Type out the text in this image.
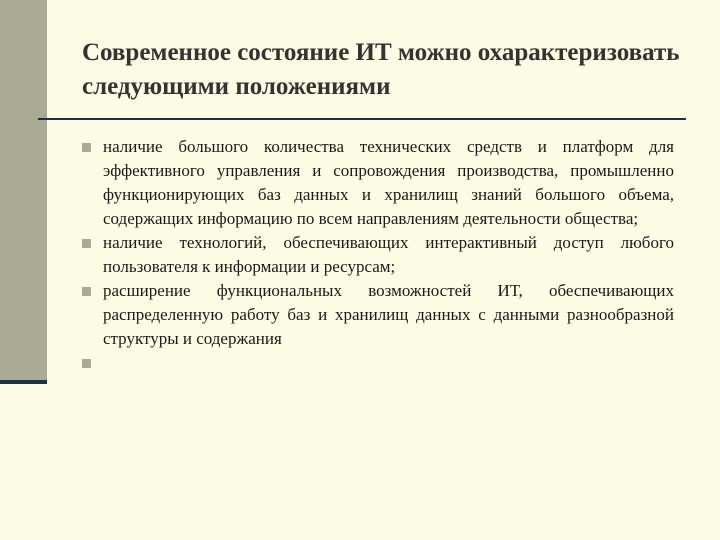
Современное состояние ИТ можно охарактеризовать следующими положениями
наличие большого количества технических средств и платформ для эффективного управления и сопровождения производства, промышленно функционирующих баз данных и хранилищ знаний большого объема, содержащих информацию по всем направлениям деятельности общества;
наличие технологий, обеспечивающих интерактивный доступ любого пользователя к информации и ресурсам;
расширение функциональных возможностей ИТ, обеспечивающих распределенную работу баз и хранилищ данных с данными разнообразной структуры и содержания
